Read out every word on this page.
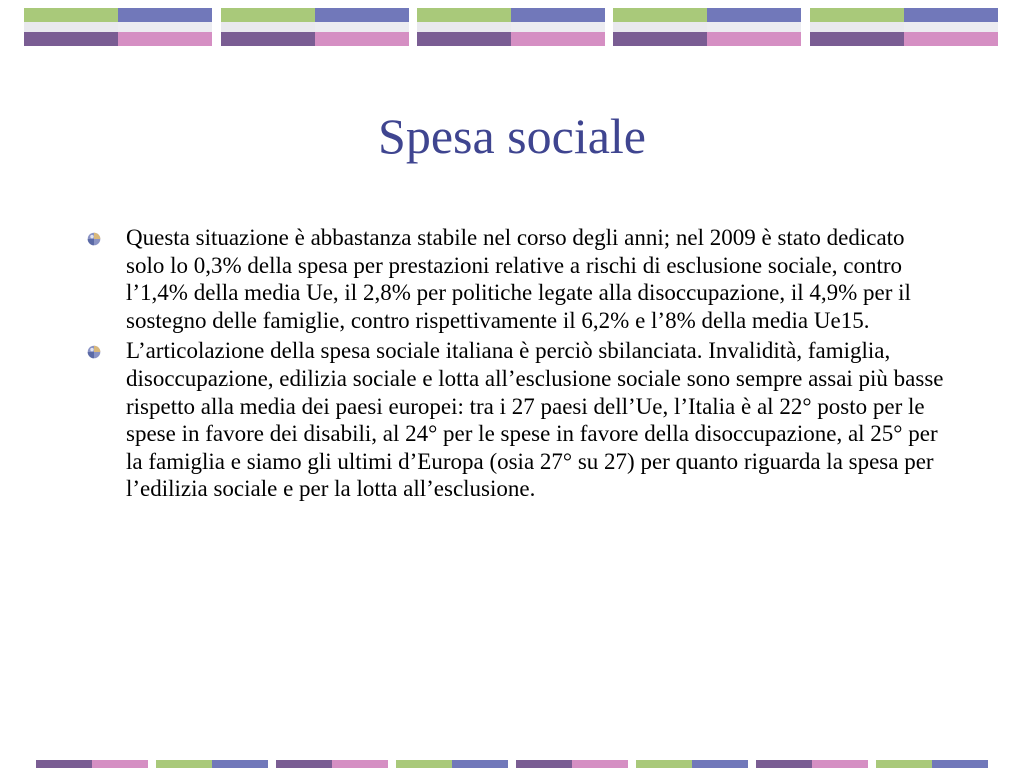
Spesa sociale
Questa situazione è abbastanza stabile nel corso degli anni; nel 2009 è stato dedicato solo lo 0,3% della spesa per prestazioni relative a rischi di esclusione sociale, contro l’1,4% della media Ue, il 2,8% per politiche legate alla disoccupazione, il 4,9% per il sostegno delle famiglie, contro rispettivamente il 6,2% e l’8% della media Ue15.
L’articolazione della spesa sociale italiana è perciò sbilanciata. Invalidità, famiglia, disoccupazione, edilizia sociale e lotta all’esclusione sociale sono sempre assai più basse rispetto alla media dei paesi europei: tra i 27 paesi dell’Ue, l’Italia è al 22° posto per le spese in favore dei disabili, al 24° per le spese in favore della disoccupazione, al 25° per la famiglia e siamo gli ultimi d’Europa (osia 27° su 27) per quanto riguarda la spesa per l’edilizia sociale e per la lotta all’esclusione.
